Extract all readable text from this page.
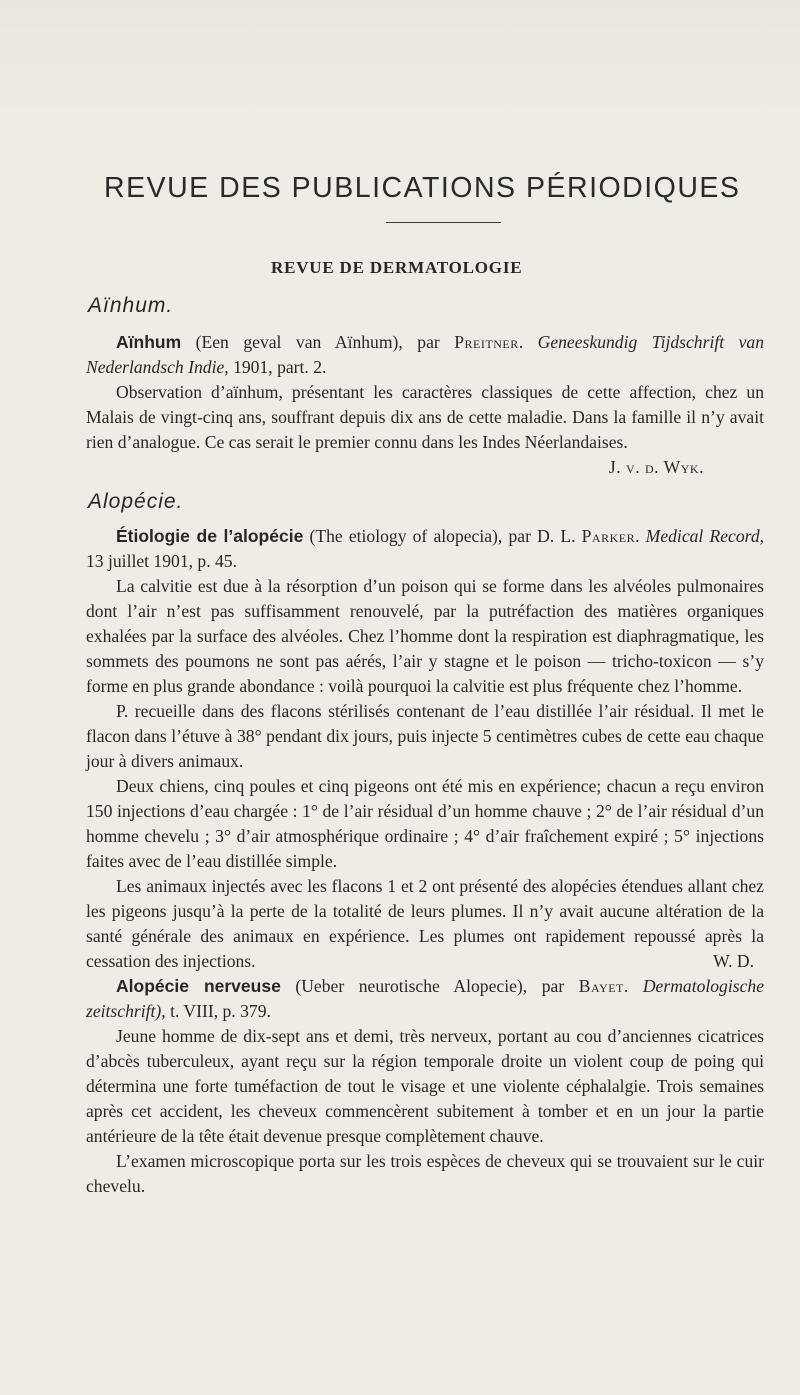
REVUE DES PUBLICATIONS PÉRIODIQUES
REVUE DE DERMATOLOGIE
Aïnhum.

Aïnhum (Een geval van Aïnhum), par Preitner. Geneeskundig Tijdschrift van Nederlandsch Indie, 1901, part. 2.

Observation d’aïnhum, présentant les caractères classiques de cette affection, chez un Malais de vingt-cinq ans, souffrant depuis dix ans de cette maladie. Dans la famille il n’y avait rien d’analogue. Ce cas serait le premier connu dans les Indes Néerlandaises.
J. v. d. Wyk.

Alopécie.

Étiologie de l’alopécie (The etiology of alopecia), par D. L. Parker. Medical Record, 13 juillet 1901, p. 45.

La calvitie est due à la résorption d’un poison qui se forme dans les alvéoles pulmonaires dont l’air n’est pas suffisamment renouvelé, par la putréfaction des matières organiques exhalées par la surface des alvéoles. Chez l’homme dont la respiration est diaphragmatique, les sommets des poumons ne sont pas aérés, l’air y stagne et le poison — tricho-toxicon — s’y forme en plus grande abondance : voilà pourquoi la calvitie est plus fréquente chez l’homme.

P. recueille dans des flacons stérilisés contenant de l’eau distillée l’air résidual. Il met le flacon dans l’étuve à 38° pendant dix jours, puis injecte 5 centimètres cubes de cette eau chaque jour à divers animaux.

Deux chiens, cinq poules et cinq pigeons ont été mis en expérience; chacun a reçu environ 150 injections d’eau chargée : 1° de l’air résidual d’un homme chauve ; 2° de l’air résidual d’un homme chevelu ; 3° d’air atmosphérique ordinaire ; 4° d’air fraîchement expiré ; 5° injections faites avec de l’eau distillée simple.

Les animaux injectés avec les flacons 1 et 2 ont présenté des alopécies étendues allant chez les pigeons jusqu’à la perte de la totalité de leurs plumes. Il n’y avait aucune altération de la santé générale des animaux en expérience. Les plumes ont rapidement repoussé après la cessation des injections.	W. D.

Alopécie nerveuse (Ueber neurotische Alopecie), par Bayet. Dermatologische zeitschrift), t. VIII, p. 379.

Jeune homme de dix-sept ans et demi, très nerveux, portant au cou d’anciennes cicatrices d’abcès tuberculeux, ayant reçu sur la région temporale droite un violent coup de poing qui détermina une forte tuméfaction de tout le visage et une violente céphalalgie. Trois semaines après cet accident, les cheveux commencèrent subitement à tomber et en un jour la partie antérieure de la tête était devenue presque complètement chauve.

L’examen microscopique porta sur les trois espèces de cheveux qui se trouvaient sur le cuir chevelu.
